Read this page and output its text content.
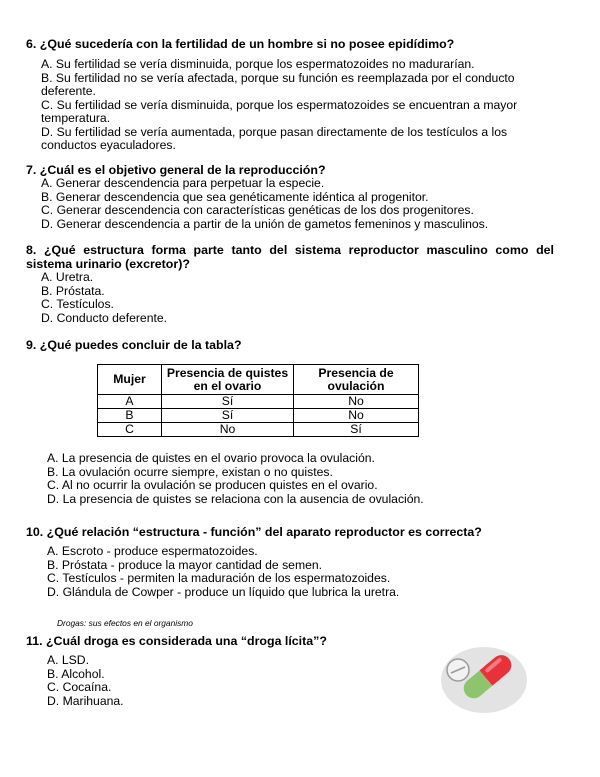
6. ¿Qué sucedería con la fertilidad de un hombre si no posee epidídimo?

A. Su fertilidad se vería disminuida, porque los espermatozoides no madurarían.
B. Su fertilidad no se vería afectada, porque su función es reemplazada por el conducto deferente.
C. Su fertilidad se vería disminuida, porque los espermatozoides se encuentran a mayor temperatura.
D. Su fertilidad se vería aumentada, porque pasan directamente de los testículos a los conductos eyaculadores.

7. ¿Cuál es el objetivo general de la reproducción?

A. Generar descendencia para perpetuar la especie.
B. Generar descendencia que sea genéticamente idéntica al progenitor.
C. Generar descendencia con características genéticas de los dos progenitores.
D. Generar descendencia a partir de la unión de gametos femeninos y masculinos.

8. ¿Qué estructura forma parte tanto del sistema reproductor masculino como del sistema urinario (excretor)?

A. Uretra.
B. Próstata.
C. Testículos.
D. Conducto deferente.

9. ¿Qué puedes concluir de la tabla?

Mujer	Presencia de quistes en el ovario	Presencia de ovulación
A	Sí	No
B	Sí	No
C	No	Sí
A. La presencia de quistes en el ovario provoca la ovulación.
B. La ovulación ocurre siempre, existan o no quistes.
C. Al no ocurrir la ovulación se producen quistes en el ovario.
D. La presencia de quistes se relaciona con la ausencia de ovulación.

10. ¿Qué relación “estructura - función” del aparato reproductor es correcta?

A. Escroto - produce espermatozoides.
B. Próstata - produce la mayor cantidad de semen.
C. Testículos - permiten la maduración de los espermatozoides.
D. Glándula de Cowper - produce un líquido que lubrica la uretra.
Drogas: sus efectos en el organismo

11. ¿Cuál droga es considerada una “droga lícita”?

A. LSD.
B. Alcohol.
C. Cocaína.
D. Marihuana.
